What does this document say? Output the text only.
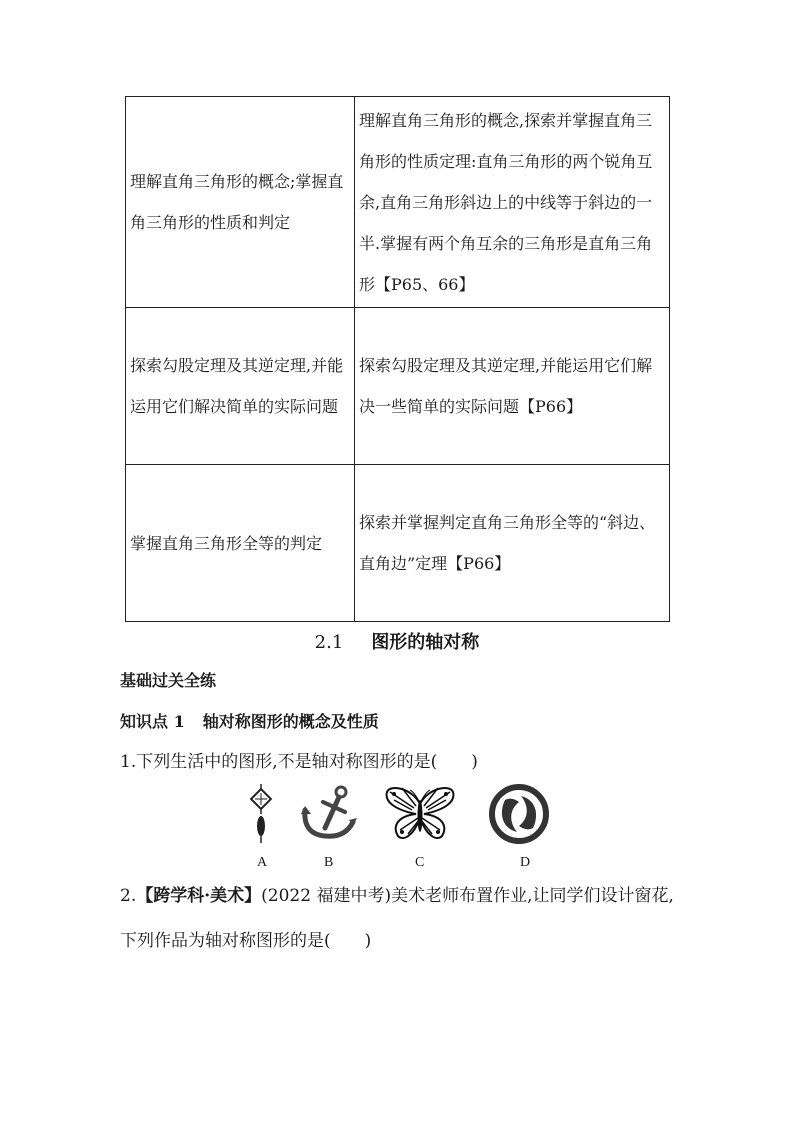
理解直角三角形的概念;掌握直角三角形的性质和判定	理解直角三角形的概念,探索并掌握直角三角形的性质定理:直角三角形的两个锐角互余,直角三角形斜边上的中线等于斜边的一半.掌握有两个角互余的三角形是直角三角形【P65、66】
探索勾股定理及其逆定理,并能运用它们解决简单的实际问题	探索勾股定理及其逆定理,并能运用它们解决一些简单的实际问题【P66】
掌握直角三角形全等的判定	探索并掌握判定直角三角形全等的“斜边、直角边”定理【P66】
2.1 图形的轴对称
基础过关全练
知识点 1 轴对称图形的概念及性质
1.下列生活中的图形,不是轴对称图形的是(　　)
A	B	C	D
2.【跨学科·美术】(2022 福建中考)美术老师布置作业,让同学们设计窗花,下列作品为轴对称图形的是(　　)
